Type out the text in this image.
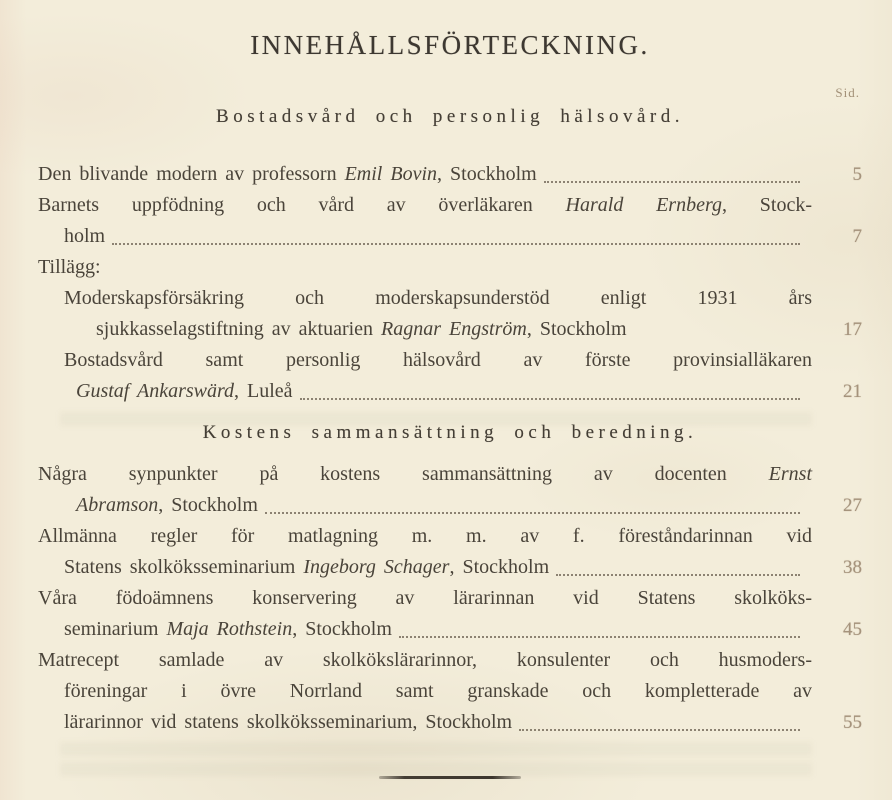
INNEHÅLLSFÖRTECKNING.
Sid.
Bostadsvård och personlig hälsovård.
Den blivande modern av professorn Emil Bovin, Stockholm	5
Barnets uppfödning och vård av överläkaren Harald Ernberg, Stock-
holm	7
Tillägg:
Moderskapsförsäkring och moderskapsunderstöd enligt 1931 års
sjukkasselagstiftning av aktuarien Ragnar Engström, Stockholm	17
Bostadsvård samt personlig hälsovård av förste provinsialläkaren
Gustaf Ankarswärd, Luleå	21
Kostens sammansättning och beredning.
Några synpunkter på kostens sammansättning av docenten Ernst
Abramson, Stockholm	27
Allmänna regler för matlagning m. m. av f. föreståndarinnan vid
Statens skolköksseminarium Ingeborg Schager, Stockholm	38
Våra födoämnens konservering av lärarinnan vid Statens skolköks-
seminarium Maja Rothstein, Stockholm	45
Matrecept samlade av skolkökslärarinnor, konsulenter och husmoders-
föreningar i övre Norrland samt granskade och kompletterade av
lärarinnor vid statens skolköksseminarium, Stockholm	55
